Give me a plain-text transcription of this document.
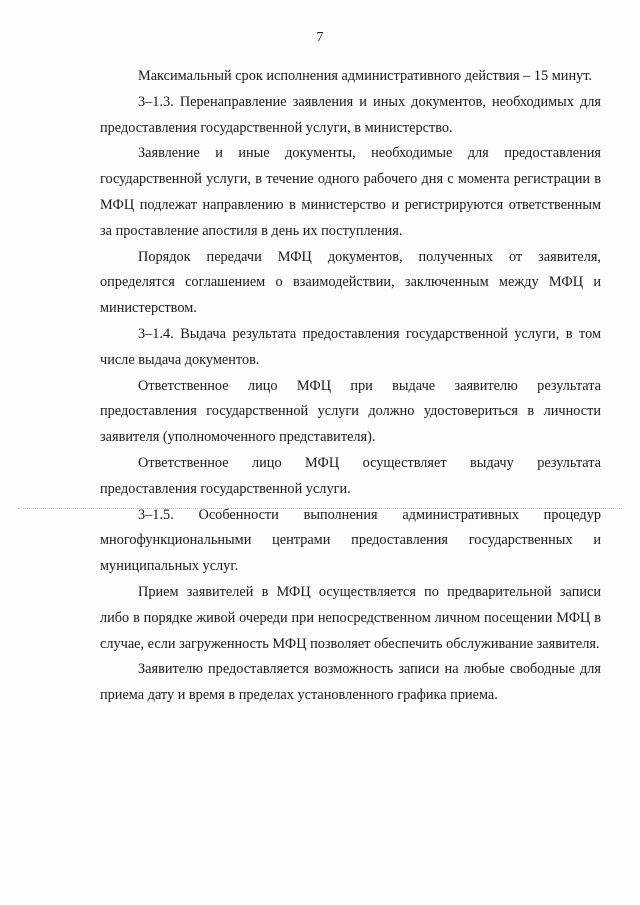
7

Максимальный срок исполнения административного действия – 15 минут.

3–1.3. Перенаправление заявления и иных документов, необходимых для предоставления государственной услуги, в министерство.

Заявление и иные документы, необходимые для предоставления государственной услуги, в течение одного рабочего дня с момента регистрации в МФЦ подлежат направлению в министерство и регистрируются ответственным за проставление апостиля в день их поступления.

Порядок передачи МФЦ документов, полученных от заявителя, определятся соглашением о взаимодействии, заключенным между МФЦ и министерством.

3–1.4. Выдача результата предоставления государственной услуги, в том числе выдача документов.

Ответственное лицо МФЦ при выдаче заявителю результата предоставления государственной услуги должно удостовериться в личности заявителя (уполномоченного представителя).

Ответственное лицо МФЦ осуществляет выдачу результата предоставления государственной услуги.

3–1.5. Особенности выполнения административных процедур многофункциональными центрами предоставления государственных и муниципальных услуг.

Прием заявителей в МФЦ осуществляется по предварительной записи либо в порядке живой очереди при непосредственном личном посещении МФЦ в случае, если загруженность МФЦ позволяет обеспечить обслуживание заявителя.

Заявителю предоставляется возможность записи на любые свободные для приема дату и время в пределах установленного графика приема.
